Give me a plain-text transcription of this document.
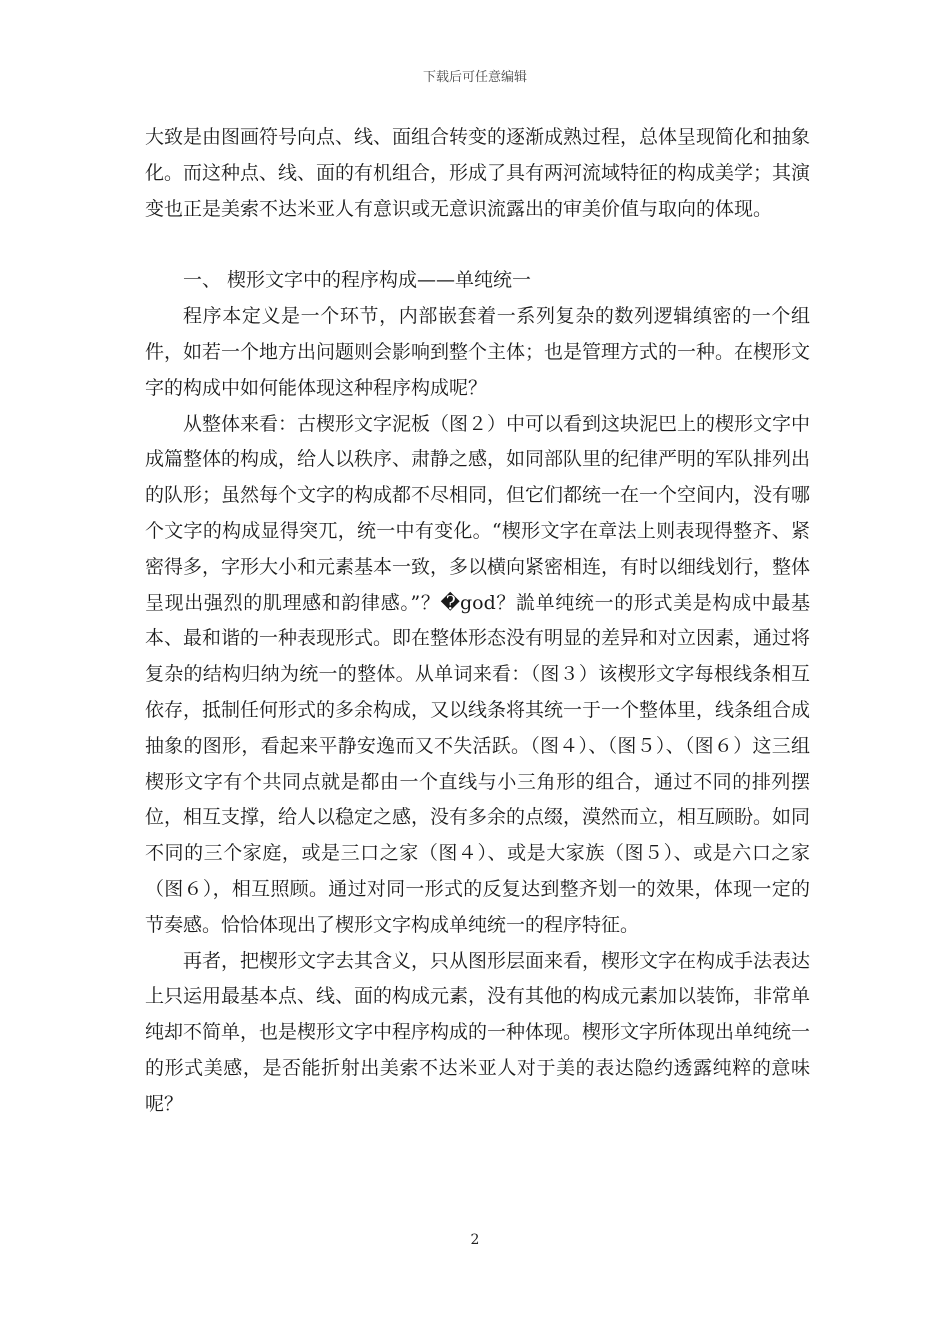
下载后可任意编辑

大致是由图画符号向点、线、面组合转变的逐渐成熟过程，总体呈现简化和抽象化。而这种点、线、面的有机组合，形成了具有两河流域特征的构成美学；其演变也正是美索不达米亚人有意识或无意识流露出的审美价值与取向的体现。

一、 楔形文字中的程序构成——单纯统一

程序本定义是一个环节，内部嵌套着一系列复杂的数列逻辑缜密的一个组件，如若一个地方出问题则会影响到整个主体；也是管理方式的一种。在楔形文字的构成中如何能体现这种程序构成呢？

从整体来看：古楔形文字泥板（图２）中可以看到这块泥巴上的楔形文字中成篇整体的构成，给人以秩序、肃静之感，如同部队里的纪律严明的军队排列出的队形；虽然每个文字的构成都不尽相同，但它们都统一在一个空间内，没有哪个文字的构成显得突兀，统一中有变化。“楔形文字在章法上则表现得整齐、紧密得多，字形大小和元素基本一致，多以横向紧密相连，有时以细线划行，整体呈现出强烈的肌理感和韵律感。”？�god？詤单纯统一的形式美是构成中最基本、最和谐的一种表现形式。即在整体形态没有明显的差异和对立因素，通过将复杂的结构归纳为统一的整体。从单词来看：（图３）该楔形文字每根线条相互依存，抵制任何形式的多余构成，又以线条将其统一于一个整体里，线条组合成抽象的图形，看起来平静安逸而又不失活跃。（图４）、（图５）、（图６）这三组楔形文字有个共同点就是都由一个直线与小三角形的组合，通过不同的排列摆位，相互支撑，给人以稳定之感，没有多余的点缀，漠然而立，相互顾盼。如同不同的三个家庭，或是三口之家（图４）、或是大家族（图５）、或是六口之家（图６），相互照顾。通过对同一形式的反复达到整齐划一的效果，体现一定的节奏感。恰恰体现出了楔形文字构成单纯统一的程序特征。

再者，把楔形文字去其含义，只从图形层面来看，楔形文字在构成手法表达上只运用最基本点、线、面的构成元素，没有其他的构成元素加以装饰，非常单纯却不简单，也是楔形文字中程序构成的一种体现。楔形文字所体现出单纯统一的形式美感，是否能折射出美索不达米亚人对于美的表达隐约透露纯粹的意味呢？

2
